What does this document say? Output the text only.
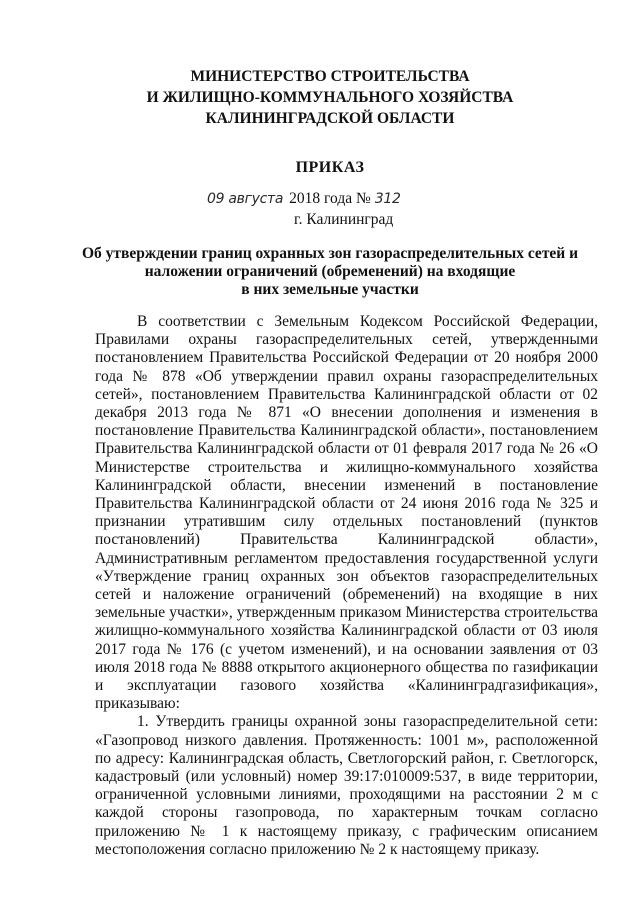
МИНИСТЕРСТВО СТРОИТЕЛЬСТВА
И ЖИЛИЩНО-КОММУНАЛЬНОГО ХОЗЯЙСТВА
КАЛИНИНГРАДСКОЙ ОБЛАСТИ
ПРИКАЗ
09 августа 2018 года № 312
г. Калининград
Об утверждении границ охранных зон газораспределительных сетей и
наложении ограничений (обременений) на входящие
в них земельные участки

В соответствии с Земельным Кодексом Российской Федерации, Правилами охраны газораспределительных сетей, утвержденными постановлением Правительства Российской Федерации от 20 ноября 2000 года № 878 «Об утверждении правил охраны газораспределительных сетей», постановлением Правительства Калининградской области от 02 декабря 2013 года № 871 «О внесении дополнения и изменения в постановление Правительства Калининградской области», постановлением Правительства Калининградской области от 01 февраля 2017 года № 26 «О Министерстве строительства и жилищно-коммунального хозяйства Калининградской области, внесении изменений в постановление Правительства Калининградской области от 24 июня 2016 года № 325 и признании утратившим силу отдельных постановлений (пунктов постановлений) Правительства Калининградской области», Административным регламентом предоставления государственной услуги «Утверждение границ охранных зон объектов газораспределительных сетей и наложение ограничений (обременений) на входящие в них земельные участки», утвержденным приказом Министерства строительства жилищно-коммунального хозяйства Калининградской области от 03 июля 2017 года № 176 (с учетом изменений), и на основании заявления от 03 июля 2018 года № 8888 открытого акционерного общества по газификации и эксплуатации газового хозяйства «Калининградгазификация», приказываю:

1. Утвердить границы охранной зоны газораспределительной сети: «Газопровод низкого давления. Протяженность: 1001 м», расположенной по адресу: Калининградская область, Светлогорский район, г. Светлогорск, кадастровый (или условный) номер 39:17:010009:537, в виде территории, ограниченной условными линиями, проходящими на расстоянии 2 м с каждой стороны газопровода, по характерным точкам согласно приложению № 1 к настоящему приказу, с графическим описанием местоположения согласно приложению № 2 к настоящему приказу.
